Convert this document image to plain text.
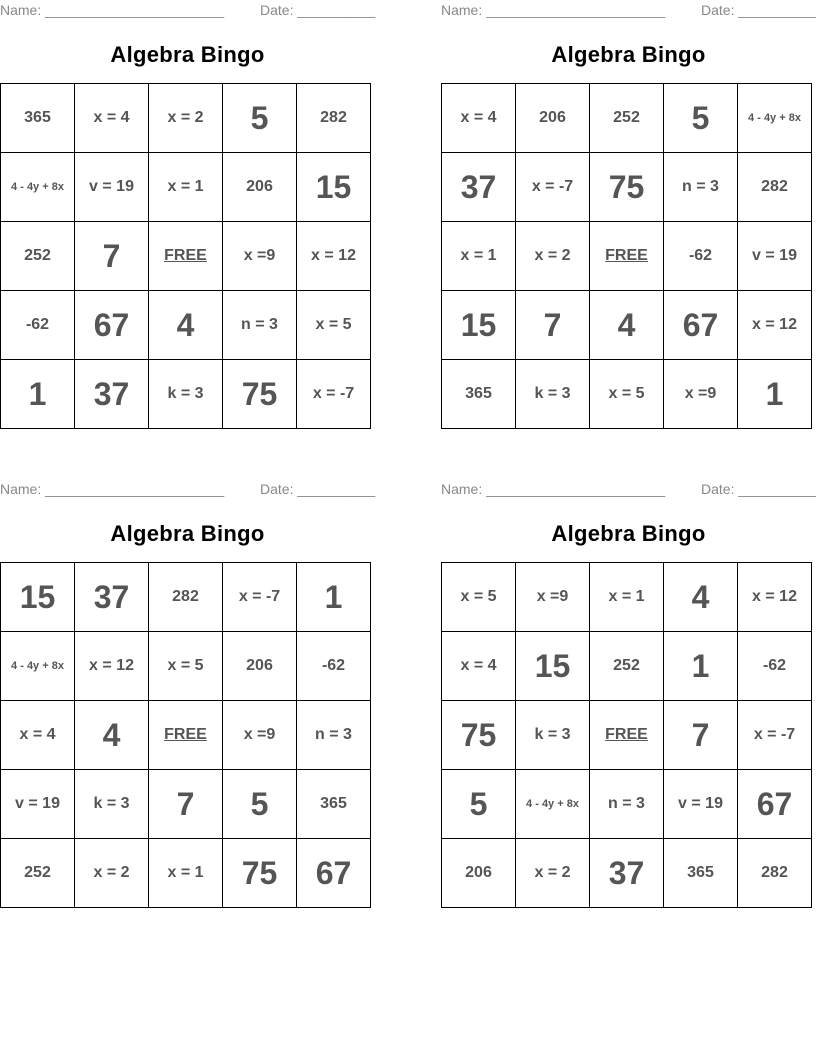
Name: _______________________	Date: __________
Algebra Bingo
365	x = 4	x = 2	5	282
4 - 4y + 8x	v = 19	x = 1	206	15
252	7	FREE	x =9	x = 12
-62	67	4	n = 3	x = 5
1	37	k = 3	75	x = -7
Name: _______________________	Date: __________
Algebra Bingo
x = 4	206	252	5	4 - 4y + 8x
37	x = -7	75	n = 3	282
x = 1	x = 2	FREE	-62	v = 19
15	7	4	67	x = 12
365	k = 3	x = 5	x =9	1
Name: _______________________	Date: __________
Algebra Bingo
15	37	282	x = -7	1
4 - 4y + 8x	x = 12	x = 5	206	-62
x = 4	4	FREE	x =9	n = 3
v = 19	k = 3	7	5	365
252	x = 2	x = 1	75	67
Name: _______________________	Date: __________
Algebra Bingo
x = 5	x =9	x = 1	4	x = 12
x = 4	15	252	1	-62
75	k = 3	FREE	7	x = -7
5	4 - 4y + 8x	n = 3	v = 19	67
206	x = 2	37	365	282
